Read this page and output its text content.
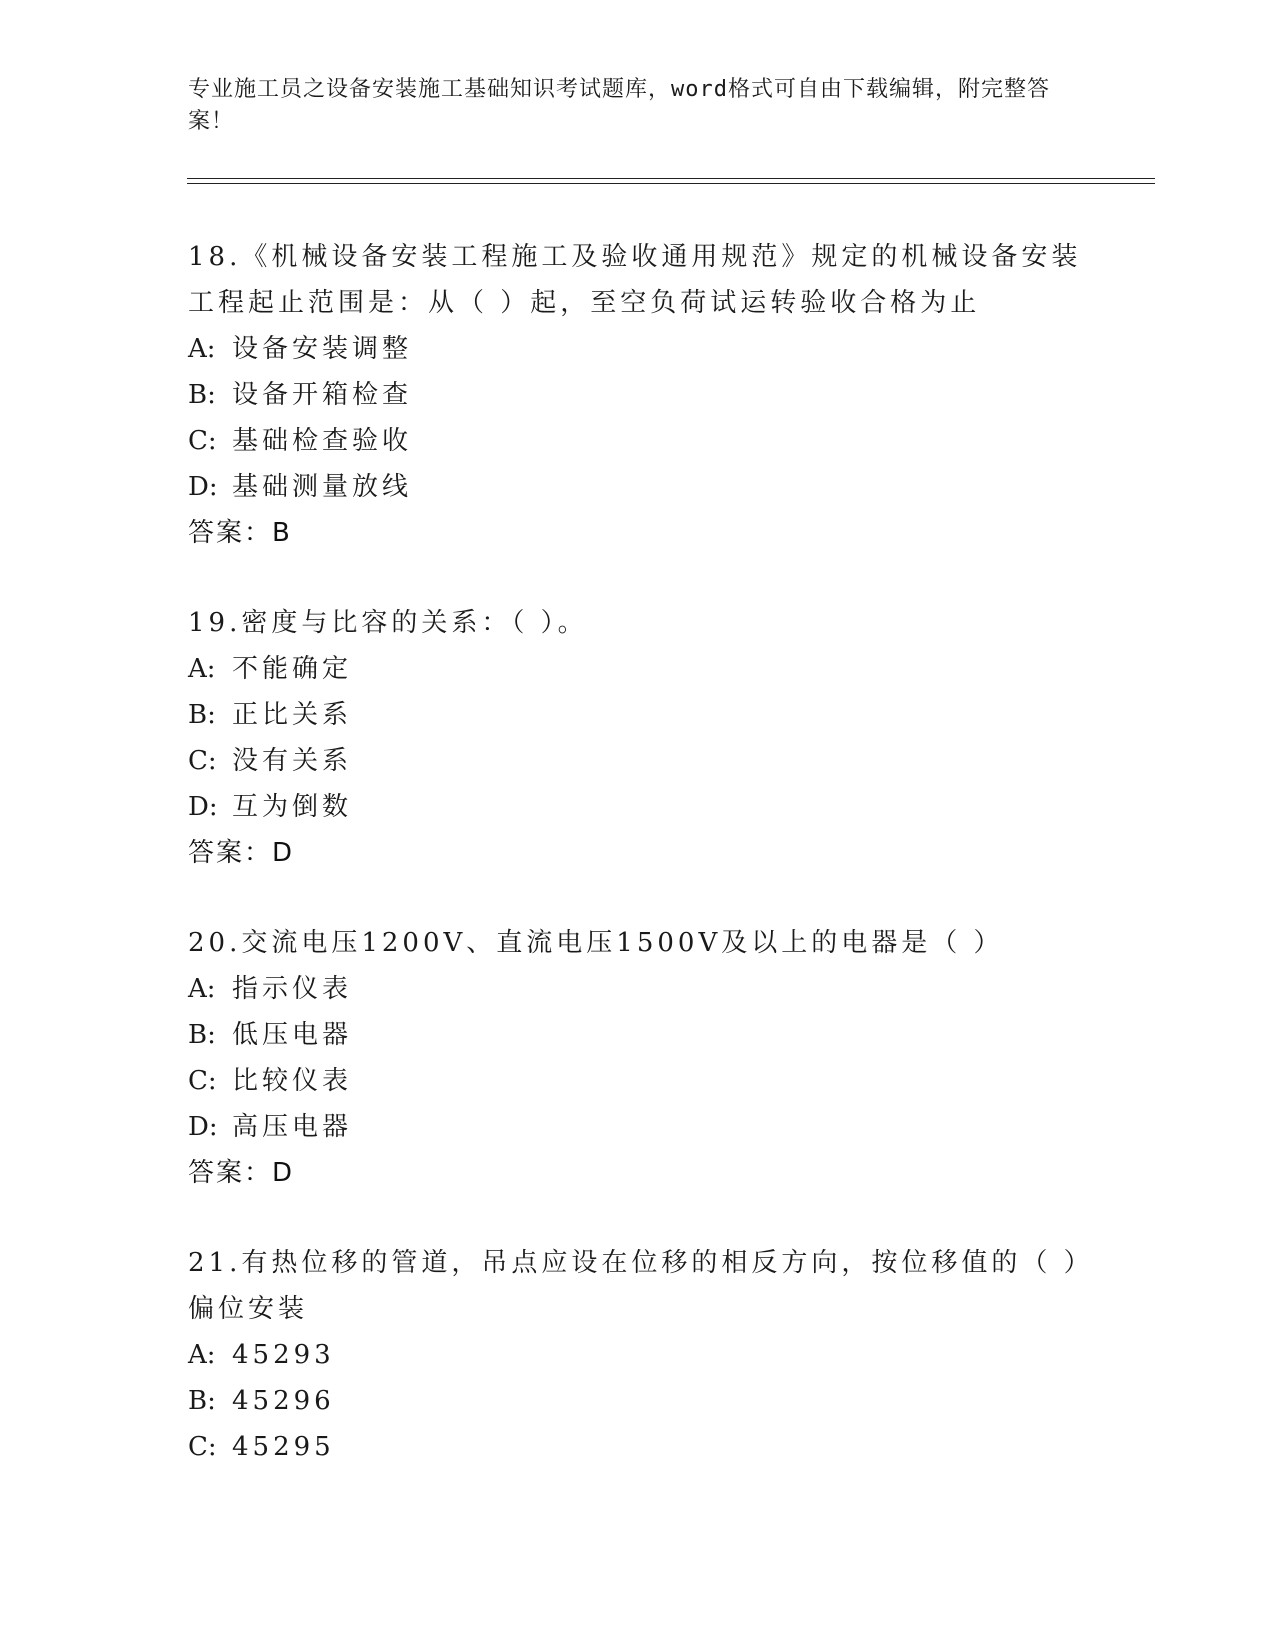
专业施工员之设备安装施工基础知识考试题库，word格式可自由下载编辑，附完整答案！

18.《机械设备安装工程施工及验收通用规范》规定的机械设备安装工程起止范围是：从（ ）起，至空负荷试运转验收合格为止

A: 设备安装调整

B: 设备开箱检查

C: 基础检查验收

D: 基础测量放线

答案：B

19.密度与比容的关系：（ ）。

A: 不能确定

B: 正比关系

C: 没有关系

D: 互为倒数

答案：D

20.交流电压1200V、直流电压1500V及以上的电器是（ ）

A: 指示仪表

B: 低压电器

C: 比较仪表

D: 高压电器

答案：D

21.有热位移的管道，吊点应设在位移的相反方向，按位移值的（ ）偏位安装

A: 45293

B: 45296

C: 45295
